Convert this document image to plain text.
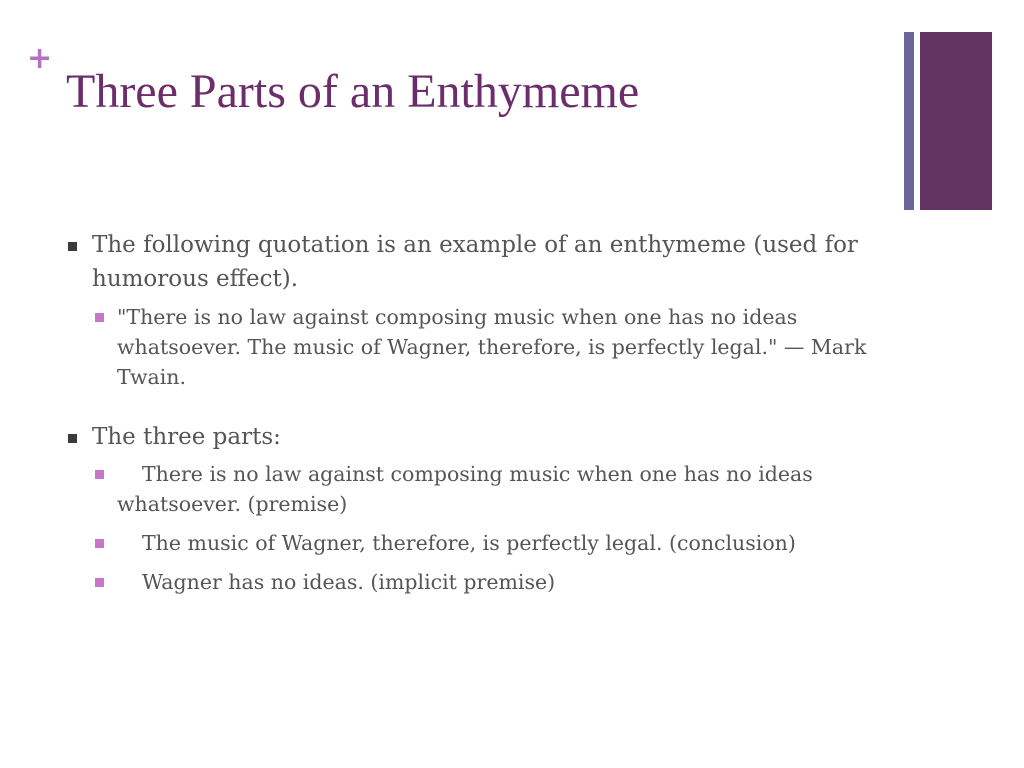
+
Three Parts of an Enthymeme
The following quotation is an example of an enthymeme (used for humorous effect).
"There is no law against composing music when one has no ideas whatsoever. The music of Wagner, therefore, is perfectly legal." — Mark Twain.
The three parts:
There is no law against composing music when one has no ideas whatsoever. (premise)
The music of Wagner, therefore, is perfectly legal. (conclusion)
Wagner has no ideas. (implicit premise)
